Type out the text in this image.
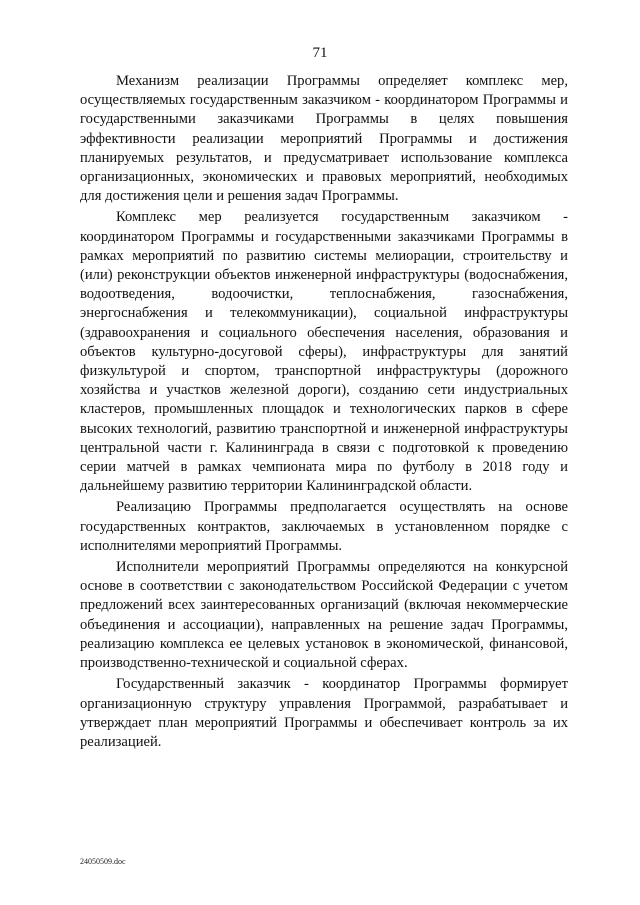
71

Механизм реализации Программы определяет комплекс мер, осуществляемых государственным заказчиком - координатором Программы и государственными заказчиками Программы в целях повышения эффективности реализации мероприятий Программы и достижения планируемых результатов, и предусматривает использование комплекса организационных, экономических и правовых мероприятий, необходимых для достижения цели и решения задач Программы.

Комплекс мер реализуется государственным заказчиком - координатором Программы и государственными заказчиками Программы в рамках мероприятий по развитию системы мелиорации, строительству и (или) реконструкции объектов инженерной инфраструктуры (водоснабжения, водоотведения, водоочистки, теплоснабжения, газоснабжения, энергоснабжения и телекоммуникации), социальной инфраструктуры (здравоохранения и социального обеспечения населения, образования и объектов культурно-досуговой сферы), инфраструктуры для занятий физкультурой и спортом, транспортной инфраструктуры (дорожного хозяйства и участков железной дороги), созданию сети индустриальных кластеров, промышленных площадок и технологических парков в сфере высоких технологий, развитию транспортной и инженерной инфраструктуры центральной части г. Калининграда в связи с подготовкой к проведению серии матчей в рамках чемпионата мира по футболу в 2018 году и дальнейшему развитию территории Калининградской области.

Реализацию Программы предполагается осуществлять на основе государственных контрактов, заключаемых в установленном порядке с исполнителями мероприятий Программы.

Исполнители мероприятий Программы определяются на конкурсной основе в соответствии с законодательством Российской Федерации с учетом предложений всех заинтересованных организаций (включая некоммерческие объединения и ассоциации), направленных на решение задач Программы, реализацию комплекса ее целевых установок в экономической, финансовой, производственно-технической и социальной сферах.

Государственный заказчик - координатор Программы формирует организационную структуру управления Программой, разрабатывает и утверждает план мероприятий Программы и обеспечивает контроль за их реализацией.

24050509.doc
